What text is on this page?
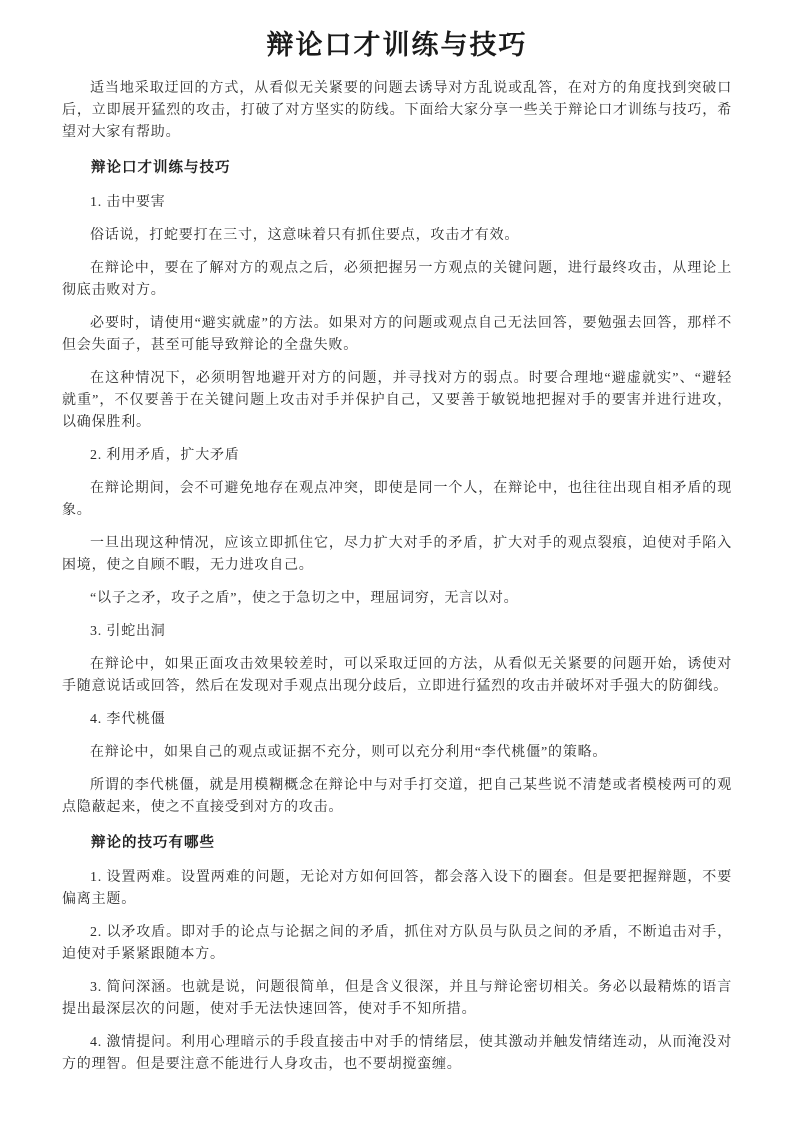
辩论口才训练与技巧

适当地采取迂回的方式，从看似无关紧要的问题去诱导对方乱说或乱答，在对方的角度找到突破口后，立即展开猛烈的攻击，打破了对方坚实的防线。下面给大家分享一些关于辩论口才训练与技巧，希望对大家有帮助。

辩论口才训练与技巧

1. 击中要害

俗话说，打蛇要打在三寸，这意味着只有抓住要点，攻击才有效。

在辩论中，要在了解对方的观点之后，必须把握另一方观点的关键问题，进行最终攻击，从理论上彻底击败对方。

必要时，请使用“避实就虚”的方法。如果对方的问题或观点自己无法回答，要勉强去回答，那样不但会失面子，甚至可能导致辩论的全盘失败。

在这种情况下，必须明智地避开对方的问题，并寻找对方的弱点。时要合理地“避虚就实”、“避轻就重”，不仅要善于在关键问题上攻击对手并保护自己，又要善于敏锐地把握对手的要害并进行进攻，以确保胜利。

2. 利用矛盾，扩大矛盾

在辩论期间，会不可避免地存在观点冲突，即使是同一个人，在辩论中，也往往出现自相矛盾的现象。

一旦出现这种情况，应该立即抓住它，尽力扩大对手的矛盾，扩大对手的观点裂痕，迫使对手陷入困境，使之自顾不暇，无力进攻自己。

“以子之矛，攻子之盾”，使之于急切之中，理屈词穷，无言以对。

3. 引蛇出洞

在辩论中，如果正面攻击效果较差时，可以采取迂回的方法，从看似无关紧要的问题开始，诱使对手随意说话或回答，然后在发现对手观点出现分歧后，立即进行猛烈的攻击并破坏对手强大的防御线。

4. 李代桃僵

在辩论中，如果自己的观点或证据不充分，则可以充分利用“李代桃僵”的策略。

所谓的李代桃僵，就是用模糊概念在辩论中与对手打交道，把自己某些说不清楚或者模棱两可的观点隐蔽起来，使之不直接受到对方的攻击。

辩论的技巧有哪些

1. 设置两难。设置两难的问题，无论对方如何回答，都会落入设下的圈套。但是要把握辩题，不要偏离主题。

2. 以矛攻盾。即对手的论点与论据之间的矛盾，抓住对方队员与队员之间的矛盾，不断追击对手，迫使对手紧紧跟随本方。

3. 简问深涵。也就是说，问题很简单，但是含义很深，并且与辩论密切相关。务必以最精炼的语言提出最深层次的问题，使对手无法快速回答，使对手不知所措。

4. 激情提问。利用心理暗示的手段直接击中对手的情绪层，使其激动并触发情绪连动，从而淹没对方的理智。但是要注意不能进行人身攻击，也不要胡搅蛮缠。
